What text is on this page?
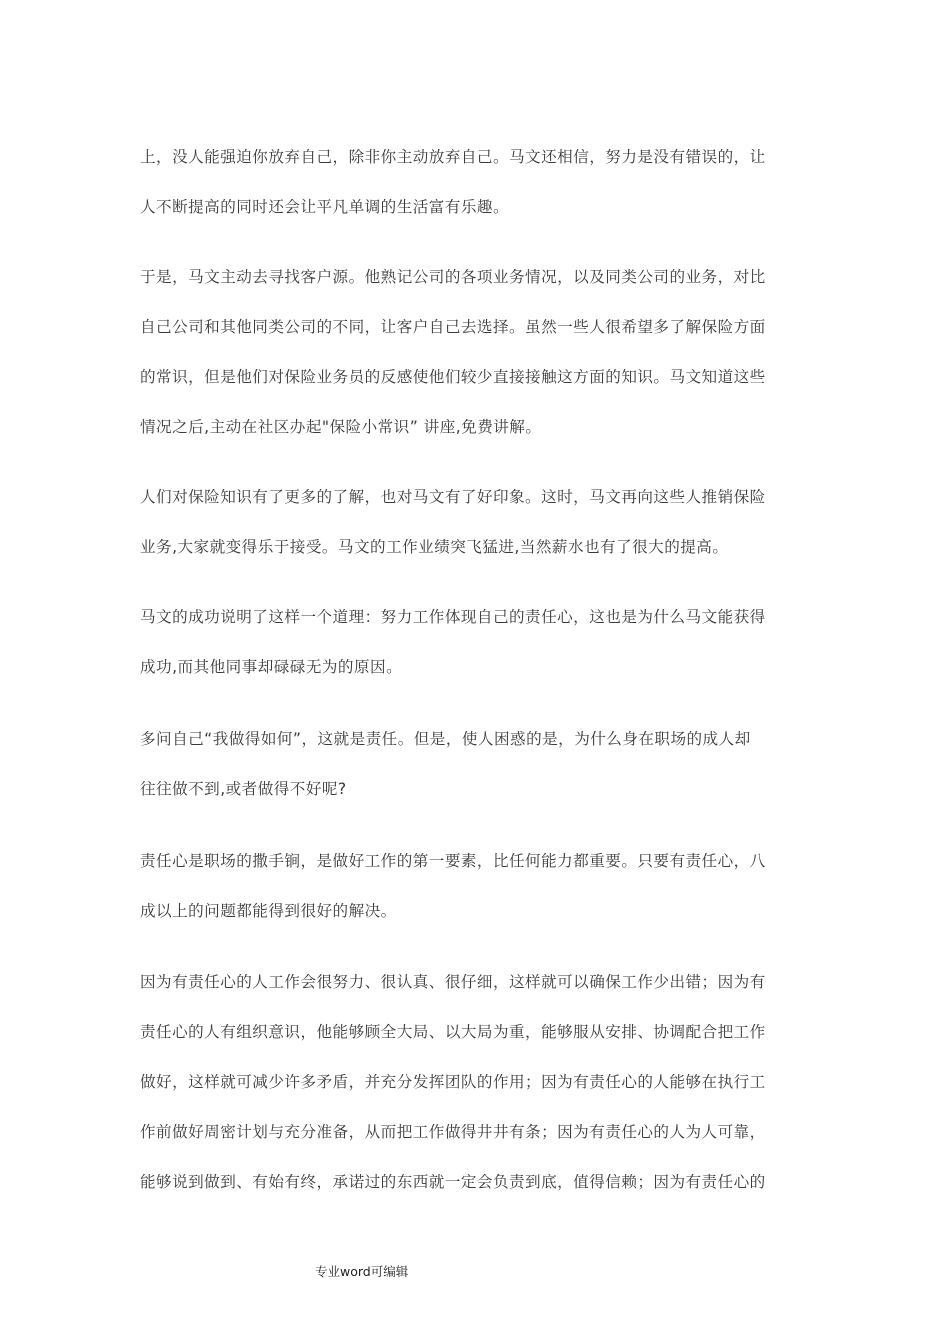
上，没人能强迫你放弃自己，除非你主动放弃自己。马文还相信，努力是没有错误的，让
人不断提高的同时还会让平凡单调的生活富有乐趣。
于是，马文主动去寻找客户源。他熟记公司的各项业务情况，以及同类公司的业务，对比
自己公司和其他同类公司的不同，让客户自己去选择。虽然一些人很希望多了解保险方面
的常识，但是他们对保险业务员的反感使他们较少直接接触这方面的知识。马文知道这些
情况之后,主动在社区办起"保险小常识” 讲座,免费讲解。
人们对保险知识有了更多的了解，也对马文有了好印象。这时，马文再向这些人推销保险
业务,大家就变得乐于接受。马文的工作业绩突飞猛进,当然薪水也有了很大的提高。
马文的成功说明了这样一个道理：努力工作体现自己的责任心，这也是为什么马文能获得
成功,而其他同事却碌碌无为的原因。
多问自己“我做得如何”，这就是责任。但是，使人困惑的是，为什么身在职场的成人却
往往做不到,或者做得不好呢?
责任心是职场的撒手锏，是做好工作的第一要素，比任何能力都重要。只要有责任心，八
成以上的问题都能得到很好的解决。
因为有责任心的人工作会很努力、很认真、很仔细，这样就可以确保工作少出错；因为有
责任心的人有组织意识，他能够顾全大局、以大局为重，能够服从安排、协调配合把工作
做好，这样就可减少许多矛盾，并充分发挥团队的作用；因为有责任心的人能够在执行工
作前做好周密计划与充分准备，从而把工作做得井井有条；因为有责任心的人为人可靠，
能够说到做到、有始有终，承诺过的东西就一定会负责到底，值得信赖；因为有责任心的
专业word可编辑
